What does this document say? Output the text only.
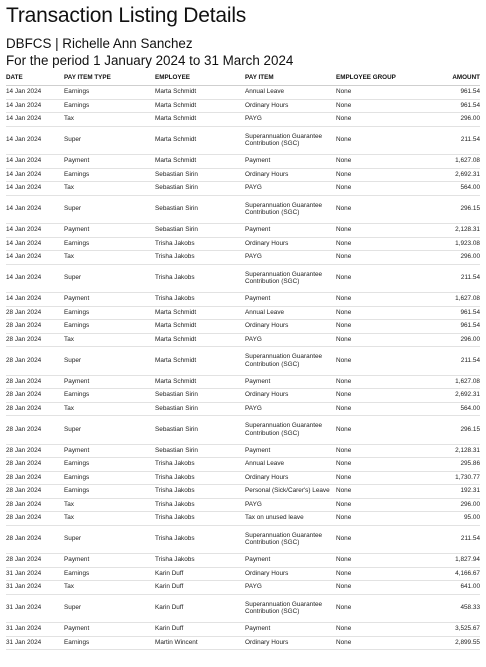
Transaction Listing Details
DBFCS | Richelle Ann Sanchez
For the period 1 January 2024 to 31 March 2024
DATE	PAY ITEM TYPE	EMPLOYEE	PAY ITEM	EMPLOYEE GROUP	AMOUNT
14 Jan 2024	Earnings	Marta Schmidt	Annual Leave	None	961.54
14 Jan 2024	Earnings	Marta Schmidt	Ordinary Hours	None	961.54
14 Jan 2024	Tax	Marta Schmidt	PAYG	None	296.00
14 Jan 2024	Super	Marta Schmidt	Superannuation Guarantee Contribution (SGC)	None	211.54
14 Jan 2024	Payment	Marta Schmidt	Payment	None	1,627.08
14 Jan 2024	Earnings	Sebastian Sirin	Ordinary Hours	None	2,692.31
14 Jan 2024	Tax	Sebastian Sirin	PAYG	None	564.00
14 Jan 2024	Super	Sebastian Sirin	Superannuation Guarantee Contribution (SGC)	None	296.15
14 Jan 2024	Payment	Sebastian Sirin	Payment	None	2,128.31
14 Jan 2024	Earnings	Trisha Jakobs	Ordinary Hours	None	1,923.08
14 Jan 2024	Tax	Trisha Jakobs	PAYG	None	296.00
14 Jan 2024	Super	Trisha Jakobs	Superannuation Guarantee Contribution (SGC)	None	211.54
14 Jan 2024	Payment	Trisha Jakobs	Payment	None	1,627.08
28 Jan 2024	Earnings	Marta Schmidt	Annual Leave	None	961.54
28 Jan 2024	Earnings	Marta Schmidt	Ordinary Hours	None	961.54
28 Jan 2024	Tax	Marta Schmidt	PAYG	None	296.00
28 Jan 2024	Super	Marta Schmidt	Superannuation Guarantee Contribution (SGC)	None	211.54
28 Jan 2024	Payment	Marta Schmidt	Payment	None	1,627.08
28 Jan 2024	Earnings	Sebastian Sirin	Ordinary Hours	None	2,692.31
28 Jan 2024	Tax	Sebastian Sirin	PAYG	None	564.00
28 Jan 2024	Super	Sebastian Sirin	Superannuation Guarantee Contribution (SGC)	None	296.15
28 Jan 2024	Payment	Sebastian Sirin	Payment	None	2,128.31
28 Jan 2024	Earnings	Trisha Jakobs	Annual Leave	None	295.86
28 Jan 2024	Earnings	Trisha Jakobs	Ordinary Hours	None	1,730.77
28 Jan 2024	Earnings	Trisha Jakobs	Personal (Sick/Carer's) Leave	None	192.31
28 Jan 2024	Tax	Trisha Jakobs	PAYG	None	296.00
28 Jan 2024	Tax	Trisha Jakobs	Tax on unused leave	None	95.00
28 Jan 2024	Super	Trisha Jakobs	Superannuation Guarantee Contribution (SGC)	None	211.54
28 Jan 2024	Payment	Trisha Jakobs	Payment	None	1,827.94
31 Jan 2024	Earnings	Karin Duff	Ordinary Hours	None	4,166.67
31 Jan 2024	Tax	Karin Duff	PAYG	None	641.00
31 Jan 2024	Super	Karin Duff	Superannuation Guarantee Contribution (SGC)	None	458.33
31 Jan 2024	Payment	Karin Duff	Payment	None	3,525.67
31 Jan 2024	Earnings	Martin Wincent	Ordinary Hours	None	2,899.55
